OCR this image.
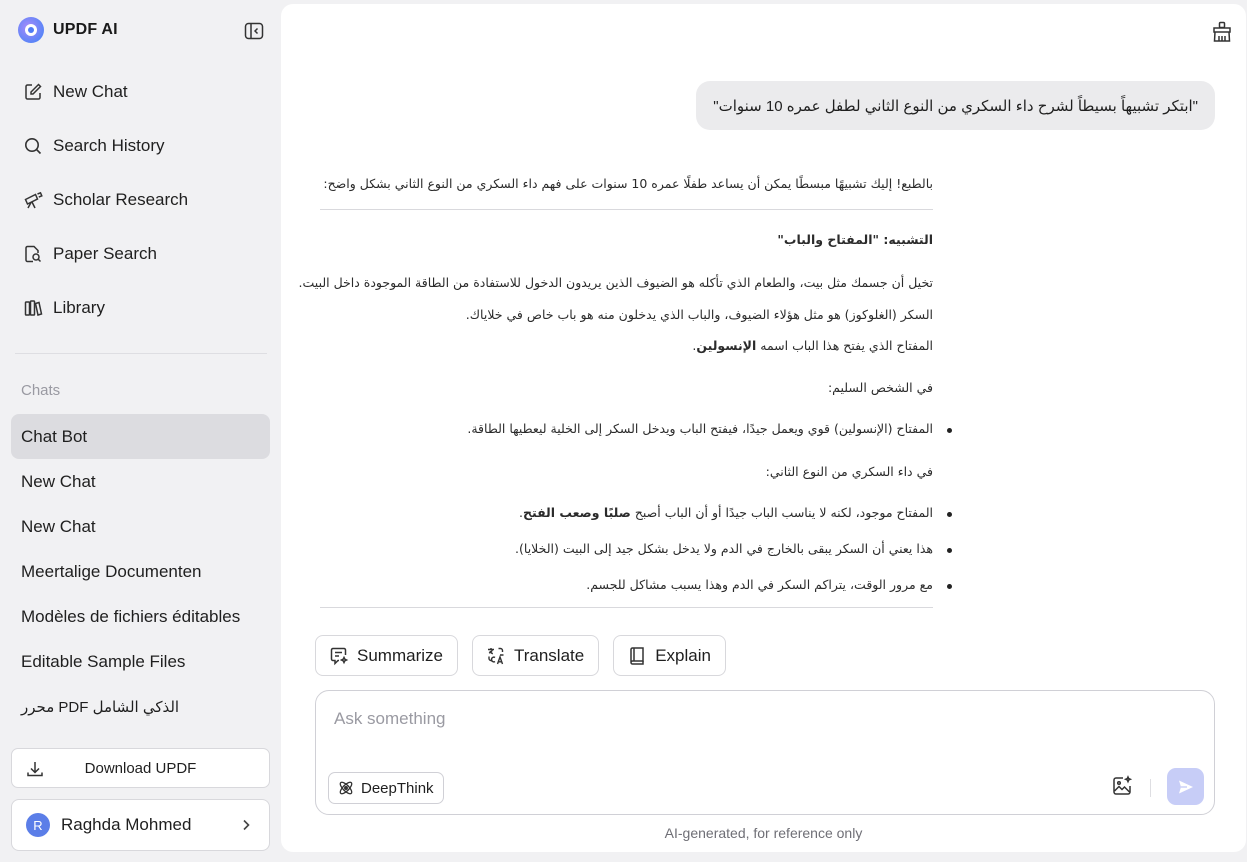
UPDF AI
New Chat
Search History
Scholar Research
Paper Search
Library
Chats
Chat Bot
New Chat
New Chat
Meertalige Documenten
Modèles de fichiers éditables
Editable Sample Files
محرر PDF الذكي الشامل
Download UPDF
R	Raghda Mohmed
"ابتكر تشبيهاً بسيطاً لشرح داء السكري من النوع الثاني لطفل عمره 10 سنوات"
بالطبع! إليك تشبيهًا مبسطًا يمكن أن يساعد طفلًا عمره 10 سنوات على فهم داء السكري من النوع الثاني بشكل واضح:
التشبيه: "المفتاح والباب"
تخيل أن جسمك مثل بيت، والطعام الذي تأكله هو الضيوف الذين يريدون الدخول للاستفادة من الطاقة الموجودة داخل البيت.
السكر (الغلوكوز) هو مثل هؤلاء الضيوف، والباب الذي يدخلون منه هو باب خاص في خلاياك.
المفتاح الذي يفتح هذا الباب اسمه الإنسولين.
في الشخص السليم:
المفتاح (الإنسولين) قوي ويعمل جيدًا، فيفتح الباب ويدخل السكر إلى الخلية ليعطيها الطاقة.
في داء السكري من النوع الثاني:
المفتاح موجود، لكنه لا يناسب الباب جيدًا أو أن الباب أصبح صلبًا وصعب الفتح.
هذا يعني أن السكر يبقى بالخارج في الدم ولا يدخل بشكل جيد إلى البيت (الخلايا).
مع مرور الوقت، يتراكم السكر في الدم وهذا يسبب مشاكل للجسم.
Summarize	Translate	Explain
Ask something
DeepThink
AI-generated, for reference only
